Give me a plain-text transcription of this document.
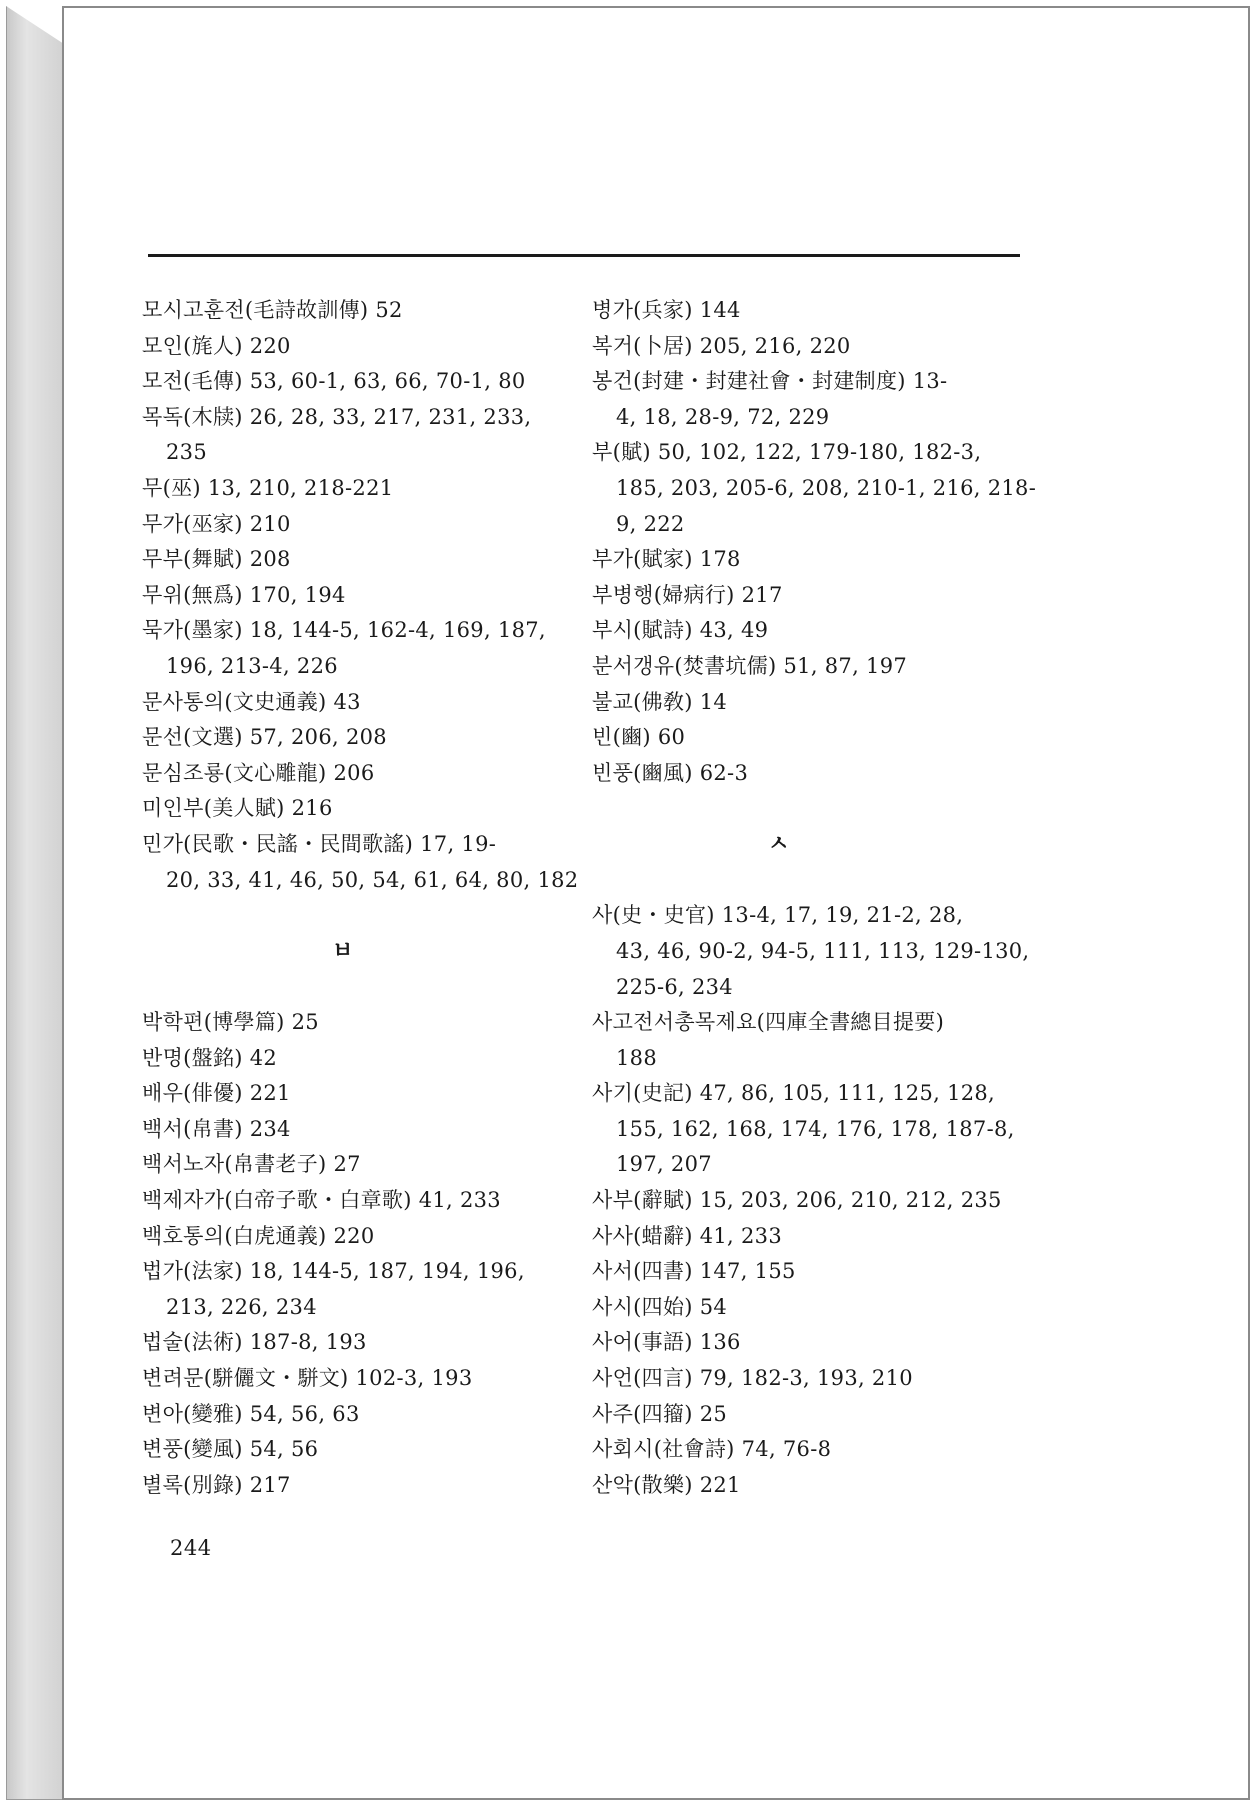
모시고훈전(毛詩故訓傳) 52
모인(旄人) 220
모전(毛傳) 53, 60-1, 63, 66, 70-1, 80
목독(木牍) 26, 28, 33, 217, 231, 233,
235
무(巫) 13, 210, 218-221
무가(巫家) 210
무부(舞賦) 208
무위(無爲) 170, 194
묵가(墨家) 18, 144-5, 162-4, 169, 187,
196, 213-4, 226
문사통의(文史通義) 43
문선(文選) 57, 206, 208
문심조룡(文心雕龍) 206
미인부(美人賦) 216
민가(民歌・民謠・民間歌謠) 17, 19-
20, 33, 41, 46, 50, 54, 61, 64, 80, 182
ㅂ
박학편(博學篇) 25
반명(盤銘) 42
배우(俳優) 221
백서(帛書) 234
백서노자(帛書老子) 27
백제자가(白帝子歌・白章歌) 41, 233
백호통의(白虎通義) 220
법가(法家) 18, 144-5, 187, 194, 196,
213, 226, 234
법술(法術) 187-8, 193
변려문(駢儷文・駢文) 102-3, 193
변아(變雅) 54, 56, 63
변풍(變風) 54, 56
별록(別錄) 217
병가(兵家) 144
복거(卜居) 205, 216, 220
봉건(封建・封建社會・封建制度) 13-
4, 18, 28-9, 72, 229
부(賦) 50, 102, 122, 179-180, 182-3,
185, 203, 205-6, 208, 210-1, 216, 218-
9, 222
부가(賦家) 178
부병행(婦病行) 217
부시(賦詩) 43, 49
분서갱유(焚書坑儒) 51, 87, 197
불교(佛敎) 14
빈(豳) 60
빈풍(豳風) 62-3
ㅅ
사(史・史官) 13-4, 17, 19, 21-2, 28,
43, 46, 90-2, 94-5, 111, 113, 129-130,
225-6, 234
사고전서총목제요(四庫全書總目提要)
188
사기(史記) 47, 86, 105, 111, 125, 128,
155, 162, 168, 174, 176, 178, 187-8,
197, 207
사부(辭賦) 15, 203, 206, 210, 212, 235
사사(蜡辭) 41, 233
사서(四書) 147, 155
사시(四始) 54
사어(事語) 136
사언(四言) 79, 182-3, 193, 210
사주(四籀) 25
사회시(社會詩) 74, 76-8
산악(散樂) 221
244
